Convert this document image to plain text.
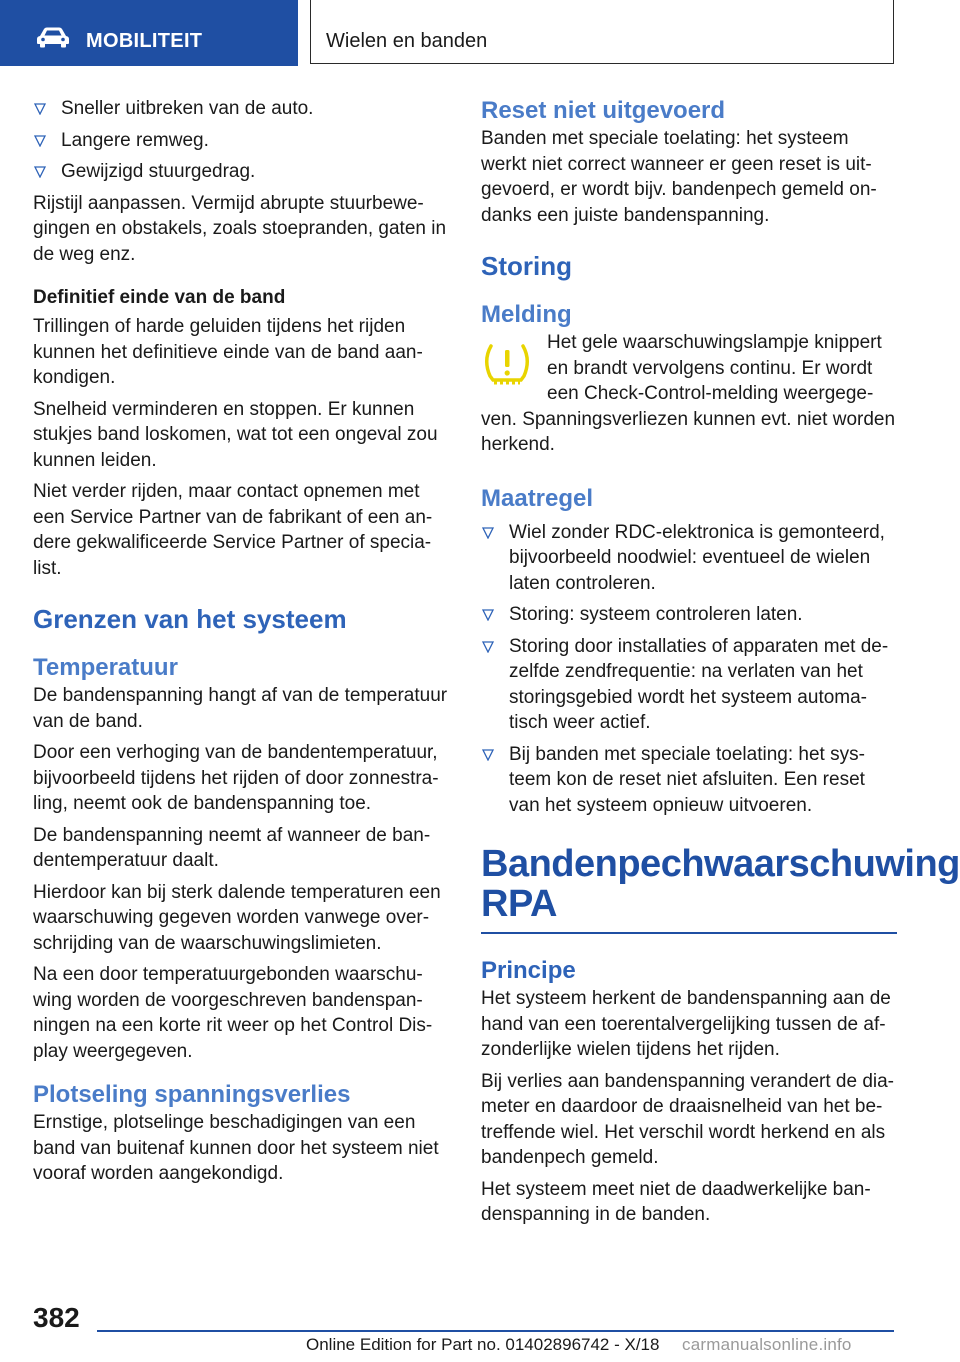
MOBILITEIT	Wielen en banden
Sneller uitbreken van de auto.
Langere remweg.
Gewijzigd stuurgedrag.

Rijstijl aanpassen. Vermijd abrupte stuurbewe-gingen en obstakels, zoals stoepranden, gaten in de weg enz.

Definitief einde van de band

Trillingen of harde geluiden tijdens het rijden kunnen het definitieve einde van de band aan-kondigen.

Snelheid verminderen en stoppen. Er kunnen stukjes band loskomen, wat tot een ongeval zou kunnen leiden.

Niet verder rijden, maar contact opnemen met een Service Partner van de fabrikant of een an-dere gekwalificeerde Service Partner of specia-list.

Grenzen van het systeem
Temperatuur

De bandenspanning hangt af van de temperatuur van de band.

Door een verhoging van de bandentemperatuur, bijvoorbeeld tijdens het rijden of door zonnestra-ling, neemt ook de bandenspanning toe.

De bandenspanning neemt af wanneer de ban-dentemperatuur daalt.

Hierdoor kan bij sterk dalende temperaturen een waarschuwing gegeven worden vanwege over-schrijding van de waarschuwingslimieten.

Na een door temperatuurgebonden waarschu-wing worden de voorgeschreven bandenspan-ningen na een korte rit weer op het Control Dis-play weergegeven.

Plotseling spanningsverlies

Ernstige, plotselinge beschadigingen van een band van buitenaf kunnen door het systeem niet vooraf worden aangekondigd.

Reset niet uitgevoerd

Banden met speciale toelating: het systeem werkt niet correct wanneer er geen reset is uit-gevoerd, er wordt bijv. bandenpech gemeld on-danks een juiste bandenspanning.

Storing
Melding

Het gele waarschuwingslampje knippert en brandt vervolgens continu. Er wordt een Check-Control-melding weergege-ven. Spanningsverliezen kunnen evt. niet worden herkend.

Maatregel
Wiel zonder RDC-elektronica is gemonteerd, bijvoorbeeld noodwiel: eventueel de wielen laten controleren.
Storing: systeem controleren laten.
Storing door installaties of apparaten met de-zelfde zendfrequentie: na verlaten van het storingsgebied wordt het systeem automa-tisch weer actief.
Bij banden met speciale toelating: het sys-teem kon de reset niet afsluiten. Een reset van het systeem opnieuw uitvoeren.
Bandenpechwaarschuwing
RPA
Principe

Het systeem herkent de bandenspanning aan de hand van een toerentalvergelijking tussen de af-zonderlijke wielen tijdens het rijden.

Bij verlies aan bandenspanning verandert de dia-meter en daardoor de draaisnelheid van het be-treffende wiel. Het verschil wordt herkend en als bandenpech gemeld.

Het systeem meet niet de daadwerkelijke ban-denspanning in de banden.

382
Online Edition for Part no. 01402896742 - X/18 carmanualsonline.info
